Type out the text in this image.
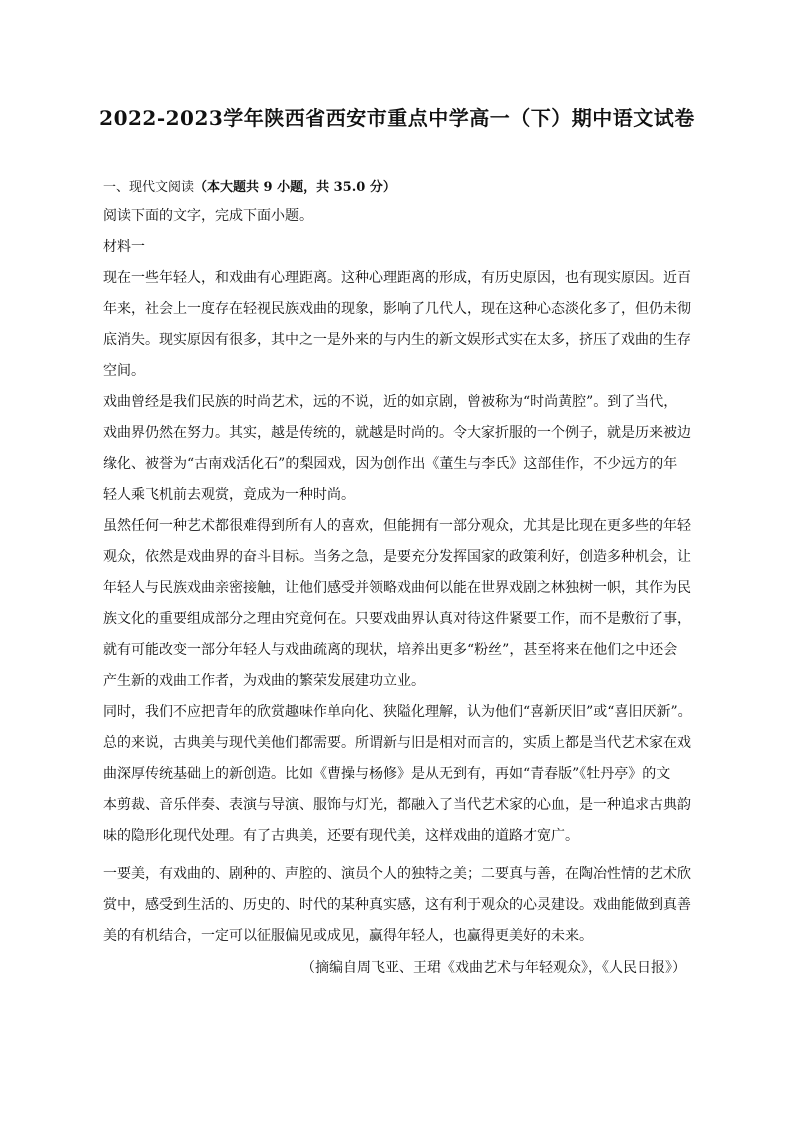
2022-2023学年陕西省西安市重点中学高一（下）期中语文试卷
一、现代文阅读（本大题共 9 小题，共 35.0 分）
阅读下面的文字，完成下面小题。
材料一
现在一些年轻人，和戏曲有心理距离。这种心理距离的形成，有历史原因，也有现实原因。近百
年来，社会上一度存在轻视民族戏曲的现象，影响了几代人，现在这种心态淡化多了，但仍未彻
底消失。现实原因有很多，其中之一是外来的与内生的新文娱形式实在太多，挤压了戏曲的生存
空间。
戏曲曾经是我们民族的时尚艺术，远的不说，近的如京剧，曾被称为“时尚黄腔”。到了当代，
戏曲界仍然在努力。其实，越是传统的，就越是时尚的。令大家折服的一个例子，就是历来被边
缘化、被誉为“古南戏活化石”的梨园戏，因为创作出《董生与李氏》这部佳作，不少远方的年
轻人乘飞机前去观赏，竟成为一种时尚。
虽然任何一种艺术都很难得到所有人的喜欢，但能拥有一部分观众，尤其是比现在更多些的年轻
观众，依然是戏曲界的奋斗目标。当务之急，是要充分发挥国家的政策利好，创造多种机会，让
年轻人与民族戏曲亲密接触，让他们感受并领略戏曲何以能在世界戏剧之林独树一帜，其作为民
族文化的重要组成部分之理由究竟何在。只要戏曲界认真对待这件紧要工作，而不是敷衍了事，
就有可能改变一部分年轻人与戏曲疏离的现状，培养出更多“粉丝”，甚至将来在他们之中还会
产生新的戏曲工作者，为戏曲的繁荣发展建功立业。
同时，我们不应把青年的欣赏趣味作单向化、狭隘化理解，认为他们“喜新厌旧”或“喜旧厌新”。
总的来说，古典美与现代美他们都需要。所谓新与旧是相对而言的，实质上都是当代艺术家在戏
曲深厚传统基础上的新创造。比如《曹操与杨修》是从无到有，再如“青春版”《牡丹亭》的文
本剪裁、音乐伴奏、表演与导演、服饰与灯光，都融入了当代艺术家的心血，是一种追求古典韵
味的隐形化现代处理。有了古典美，还要有现代美，这样戏曲的道路才宽广。
一要美，有戏曲的、剧种的、声腔的、演员个人的独特之美；二要真与善，在陶冶性情的艺术欣
赏中，感受到生活的、历史的、时代的某种真实感，这有利于观众的心灵建设。戏曲能做到真善
美的有机结合，一定可以征服偏见或成见，赢得年轻人，也赢得更美好的未来。
（摘编自周飞亚、王珺《戏曲艺术与年轻观众》，《人民日报》）
